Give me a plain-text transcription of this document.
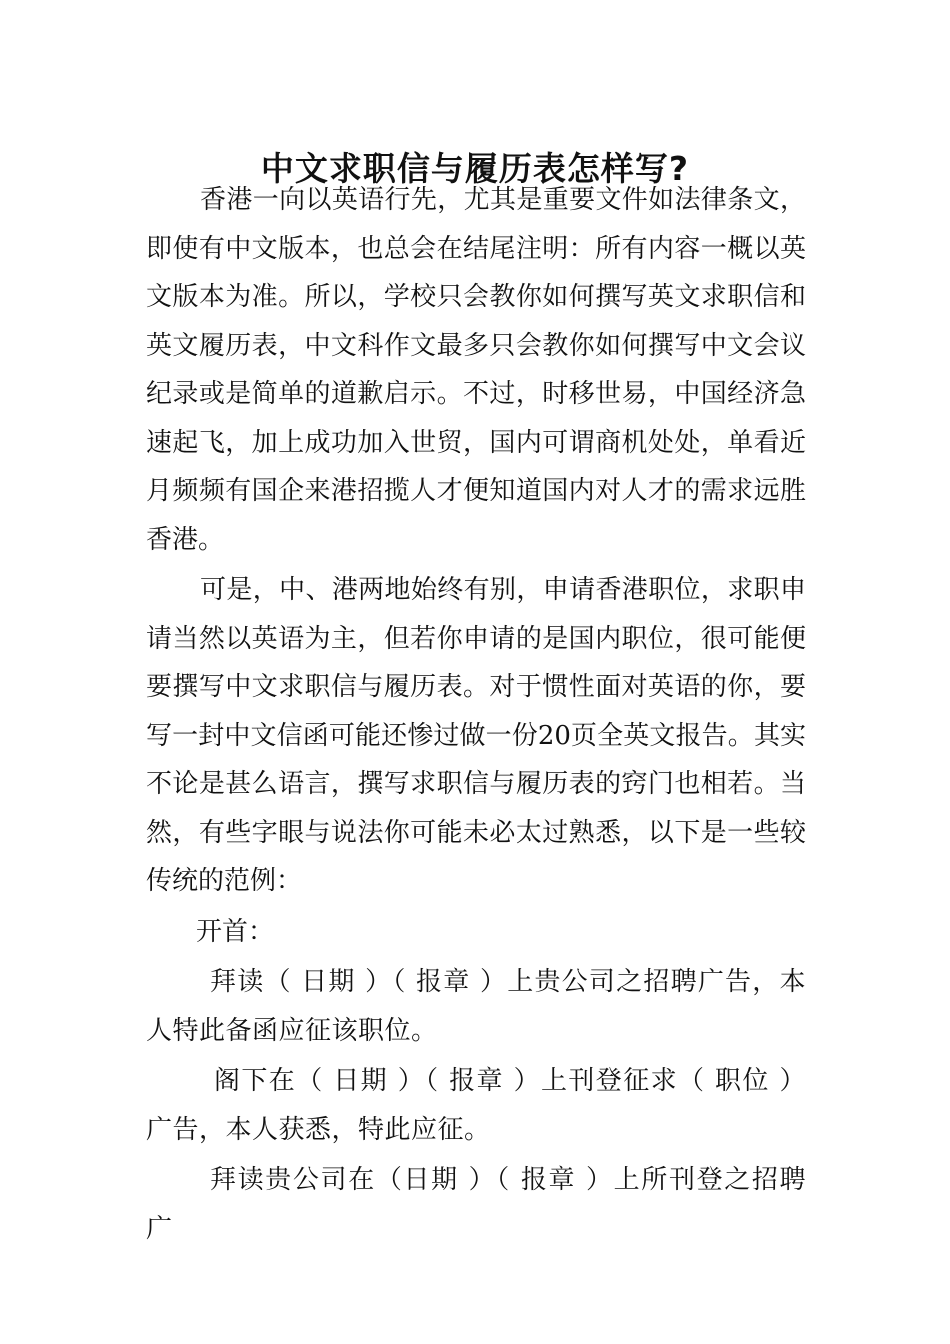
中文求职信与履历表怎样写?

香港一向以英语行先，尤其是重要文件如法律条文，即使有中文版本，也总会在结尾注明：所有内容一概以英文版本为准。所以，学校只会教你如何撰写英文求职信和英文履历表，中文科作文最多只会教你如何撰写中文会议纪录或是简单的道歉启示。不过，时移世易，中国经济急速起飞，加上成功加入世贸，国内可谓商机处处，单看近月频频有国企来港招揽人才便知道国内对人才的需求远胜香港。

可是，中、港两地始终有别，申请香港职位，求职申请当然以英语为主，但若你申请的是国内职位，很可能便要撰写中文求职信与履历表。对于惯性面对英语的你，要写一封中文信函可能还惨过做一份20页全英文报告。其实不论是甚么语言，撰写求职信与履历表的窍门也相若。当然，有些字眼与说法你可能未必太过熟悉，以下是一些较传统的范例：

开首：

拜读（ 日期 ）（ 报章 ）上贵公司之招聘广告，本人特此备函应征该职位。

阁下在（ 日期 ）（ 报章 ）上刊登征求（ 职位 ）广告，本人获悉，特此应征。

拜读贵公司在（日期 ）（ 报章 ）上所刊登之招聘广
